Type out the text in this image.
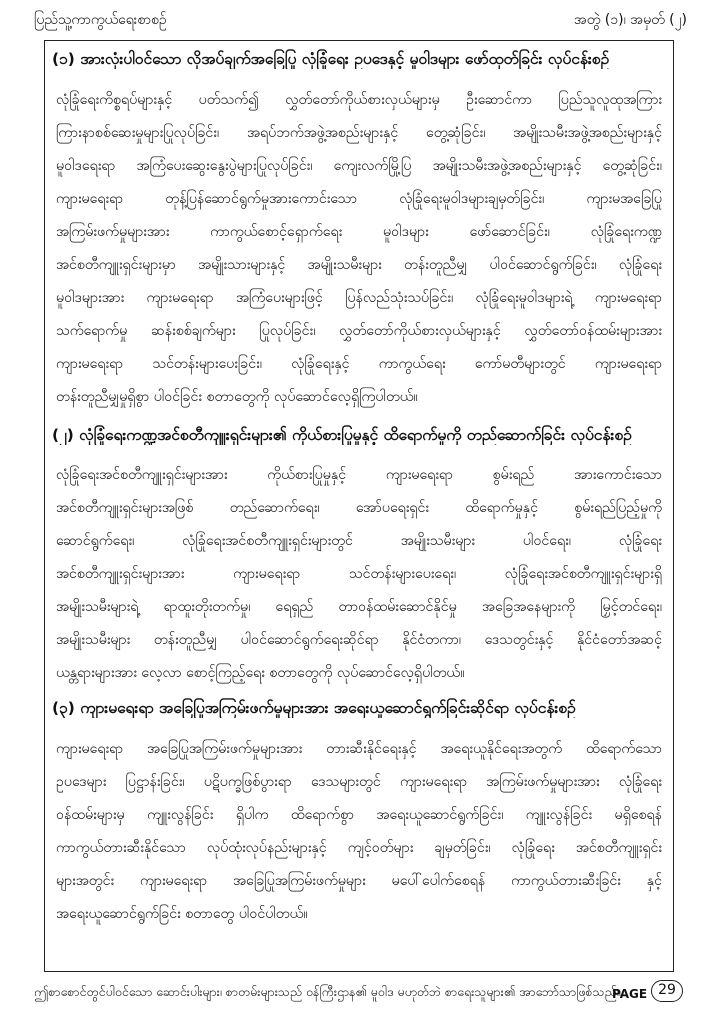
ပြည်သူ့ကာကွယ်ရေးစာစဥ်	အတွဲ (၁)၊ အမှတ် (၂)
(၁) အားလုံးပါဝင်သော လိုအပ်ချက်အခြေပြု လုံခြုံရေး ဥပဒေနှင့် မူဝါဒများ ဖော်ထုတ်ခြင်း လုပ်ငန်းစဉ်
လုံခြုံရေးကိစ္စရပ်များနှင့် ပတ်သက်၍ လွှတ်တော်ကိုယ်စားလှယ်များမှ ဦးဆောင်ကာ ပြည်သူလူထုအကြား
ကြားနာစစ်ဆေးမှုများပြုလုပ်ခြင်း၊ အရပ်ဘက်အဖွဲ့အစည်းများနှင့် တွေ့ဆုံခြင်း၊ အမျိုးသမီးအဖွဲ့အစည်းများနှင့်
မူဝါဒရေးရာ အကြံပေးဆွေးနွေးပွဲများပြုလုပ်ခြင်း၊ ကျေးလက်မြို့ပြ အမျိုးသမီးအဖွဲ့အစည်းများနှင့် တွေ့ဆုံခြင်း၊
ကျားမရေးရာ တုန့်ပြန်ဆောင်ရွက်မှုအားကောင်းသော လုံခြုံရေးမူဝါဒများချမှတ်ခြင်း၊ ကျားမအခြေပြု
အကြမ်းဖက်မှုများအား ကာကွယ်စောင့်ရှောက်ရေး မူဝါဒများ ဖော်ဆောင်ခြင်း၊ လုံခြုံရေးကဏ္ဍ
အင်စတီကျူးရှင်းများမှာ အမျိုးသားများနှင့် အမျိုးသမီးများ တန်းတူညီမျှ ပါဝင်ဆောင်ရွက်ခြင်း၊ လုံခြုံရေး
မူဝါဒများအား ကျားမရေးရာ အကြံပေးများဖြင့် ပြန်လည်သုံးသပ်ခြင်း၊ လုံခြုံရေးမူဝါဒများရဲ့ ကျားမရေးရာ
သက်ရောက်မှု ဆန်းစစ်ချက်များ ပြုလုပ်ခြင်း၊ လွှတ်တော်ကိုယ်စားလှယ်များနှင့် လွှတ်တော်ဝန်ထမ်းများအား
ကျားမရေးရာ သင်တန်းများပေးခြင်း၊ လုံခြုံရေးနှင့် ကာကွယ်ရေး ကော်မတီများတွင် ကျားမရေးရာ
တန်းတူညီမျှမှုရှိစွာ ပါဝင်ခြင်း စတာတွေကို လုပ်ဆောင်လေ့ရှိကြပါတယ်။
(၂) လုံခြုံရေးကဏ္ဍအင်စတီကျူးရှင်းများ၏ ကိုယ်စားပြုမှုနှင့် ထိရောက်မှုကို တည်ဆောက်ခြင်း လုပ်ငန်းစဉ်
လုံခြုံရေးအင်စတီကျူးရှင်းများအား ကိုယ်စားပြုမှုနှင့် ကျားမရေးရာ စွမ်းရည် အားကောင်းသော
အင်စတီကျူးရှင်းများအဖြစ် တည်ဆောက်ရေး၊ အော်ပရေးရှင်း ထိရောက်မှုနှင့် စွမ်းရည်ပြည့်မှုကို
ဆောင်ရွက်ရေး၊ လုံခြုံရေးအင်စတီကျူးရှင်းများတွင် အမျိုးသမီးများ ပါဝင်ရေး၊ လုံခြုံရေး
အင်စတီကျူးရှင်းများအား ကျားမရေးရာ သင်တန်းများပေးရေး၊ လုံခြုံရေးအင်စတီကျူးရှင်းများရှိ
အမျိုးသမီးများရဲ့ ရာထူးတိုးတက်မှု၊ ရေရှည် တာဝန်ထမ်းဆောင်နိုင်မှု အခြေအနေများကို မြှင့်တင်ရေး၊
အမျိုးသမီးများ တန်းတူညီမျှ ပါဝင်ဆောင်ရွက်ရေးဆိုင်ရာ နိုင်ငံတကာ၊ ဒေသတွင်းနှင့် နိုင်ငံတော်အဆင့်
ယန္တရားများအား လေ့လာ စောင့်ကြည့်ရေး စတာတွေကို လုပ်ဆောင်လေ့ရှိပါတယ်။
(၃) ကျားမရေးရာ အခြေပြုအကြမ်းဖက်မှုများအား အရေးယူဆောင်ရွက်ခြင်းဆိုင်ရာ လုပ်ငန်းစဉ်
ကျားမရေးရာ အခြေပြုအကြမ်းဖက်မှုများအား တားဆီးနိုင်ရေးနှင့် အရေးယူနိုင်ရေးအတွက် ထိရောက်သော
ဥပဒေများ ပြဋ္ဌာန်းခြင်း၊ ပဋိပက္ခဖြစ်ပွားရာ ဒေသများတွင် ကျားမရေးရာ အကြမ်းဖက်မှုများအား လုံခြုံရေး
ဝန်ထမ်းများမှ ကျူးလွန်ခြင်း ရှိပါက ထိရောက်စွာ အရေးယူဆောင်ရွက်ခြင်း၊ ကျူးလွန်ခြင်း မရှိစေရန်
ကာကွယ်တားဆီးနိုင်သော လုပ်ထုံးလုပ်နည်းများနှင့် ကျင့်ဝတ်များ ချမှတ်ခြင်း၊ လုံခြုံရေး အင်စတီကျူးရှင်း
များအတွင်း ကျားမရေးရာ အခြေပြုအကြမ်းဖက်မှုများ မပေါ်ပေါက်စေရန် ကာကွယ်တားဆီးခြင်း နှင့်
အရေးယူဆောင်ရွက်ခြင်း စတာတွေ ပါဝင်ပါတယ်။
ဤစာစောင်တွင်ပါဝင်သော ဆောင်းပါးများ၊ စာတမ်းများသည် ဝန်ကြီးဌာန၏ မူဝါဒ မဟုတ်ဘဲ စာရေးသူများ၏ အာဘော်သာဖြစ်သည်။
PAGE 29
